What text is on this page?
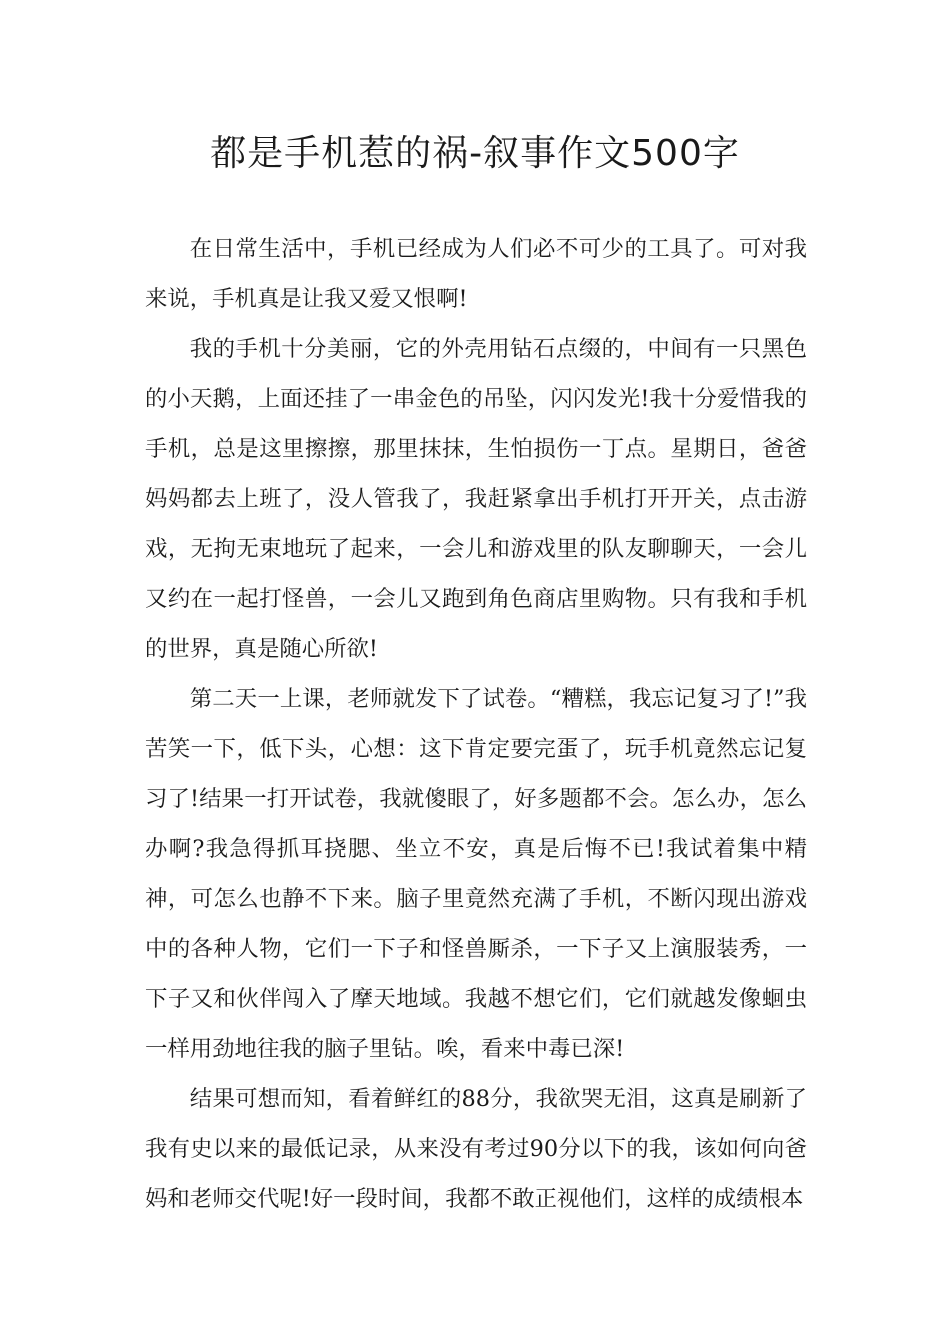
都是手机惹的祸-叙事作文500字

在日常生活中，手机已经成为人们必不可少的工具了。可对我来说，手机真是让我又爱又恨啊!

我的手机十分美丽，它的外壳用钻石点缀的，中间有一只黑色的小天鹅，上面还挂了一串金色的吊坠，闪闪发光!我十分爱惜我的手机，总是这里擦擦，那里抹抹，生怕损伤一丁点。星期日，爸爸妈妈都去上班了，没人管我了，我赶紧拿出手机打开开关，点击游戏，无拘无束地玩了起来，一会儿和游戏里的队友聊聊天，一会儿又约在一起打怪兽，一会儿又跑到角色商店里购物。只有我和手机的世界，真是随心所欲!

第二天一上课，老师就发下了试卷。“糟糕，我忘记复习了!”我苦笑一下，低下头，心想：这下肯定要完蛋了，玩手机竟然忘记复习了!结果一打开试卷，我就傻眼了，好多题都不会。怎么办，怎么办啊?我急得抓耳挠腮、坐立不安，真是后悔不已!我试着集中精神，可怎么也静不下来。脑子里竟然充满了手机，不断闪现出游戏中的各种人物，它们一下子和怪兽厮杀，一下子又上演服装秀，一下子又和伙伴闯入了摩天地域。我越不想它们，它们就越发像蛔虫一样用劲地往我的脑子里钻。唉，看来中毒已深!

结果可想而知，看着鲜红的88分，我欲哭无泪，这真是刷新了我有史以来的最低记录，从来没有考过90分以下的我，该如何向爸妈和老师交代呢!好一段时间，我都不敢正视他们，这样的成绩根本
